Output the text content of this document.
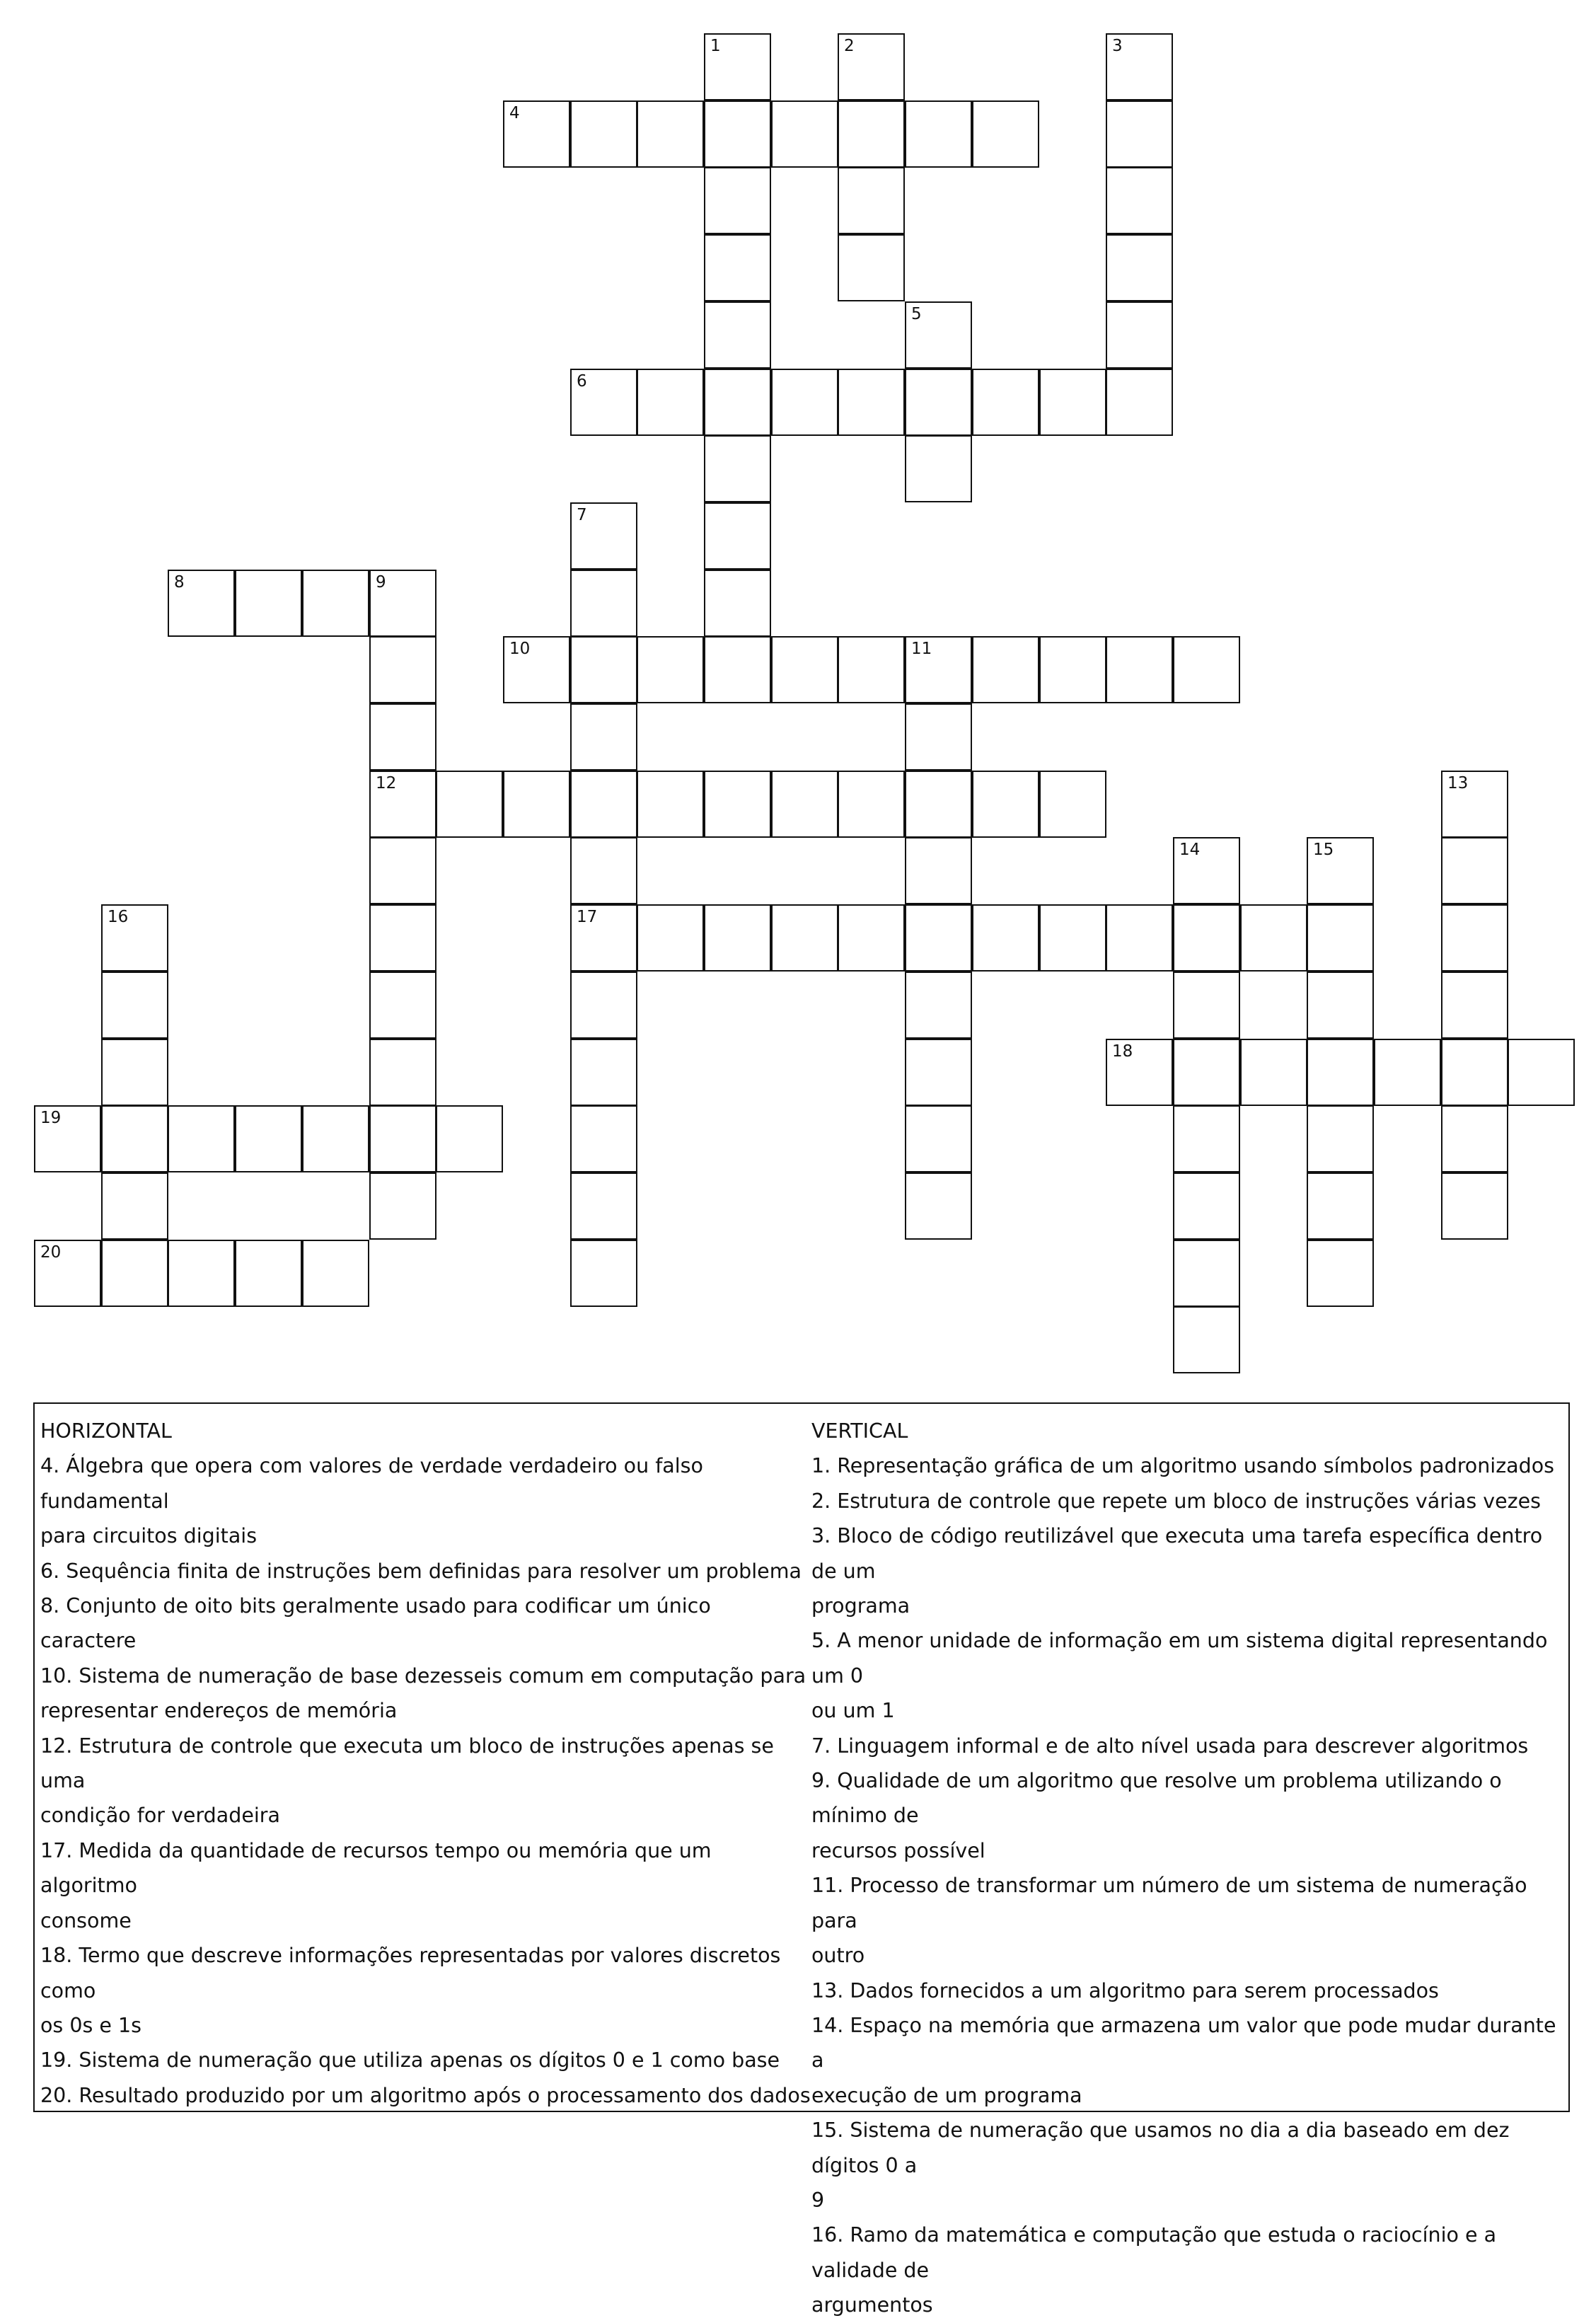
1	2	3
4
5
6
7
8	9
10	11
12	13
14	15
16	17
18
19
20
HORIZONTAL
4. Álgebra que opera com valores de verdade verdadeiro ou falso fundamental
para circuitos digitais
6. Sequência finita de instruções bem definidas para resolver um problema
8. Conjunto de oito bits geralmente usado para codificar um único caractere
10. Sistema de numeração de base dezesseis comum em computação para
representar endereços de memória
12. Estrutura de controle que executa um bloco de instruções apenas se uma
condição for verdadeira
17. Medida da quantidade de recursos tempo ou memória que um algoritmo
consome
18. Termo que descreve informações representadas por valores discretos como
os 0s e 1s
19. Sistema de numeração que utiliza apenas os dígitos 0 e 1 como base
20. Resultado produzido por um algoritmo após o processamento dos dados
VERTICAL
1. Representação gráfica de um algoritmo usando símbolos padronizados
2. Estrutura de controle que repete um bloco de instruções várias vezes
3. Bloco de código reutilizável que executa uma tarefa específica dentro de um
programa
5. A menor unidade de informação em um sistema digital representando um 0
ou um 1
7. Linguagem informal e de alto nível usada para descrever algoritmos
9. Qualidade de um algoritmo que resolve um problema utilizando o mínimo de
recursos possível
11. Processo de transformar um número de um sistema de numeração para
outro
13. Dados fornecidos a um algoritmo para serem processados
14. Espaço na memória que armazena um valor que pode mudar durante a
execução de um programa
15. Sistema de numeração que usamos no dia a dia baseado em dez dígitos 0 a
9
16. Ramo da matemática e computação que estuda o raciocínio e a validade de
argumentos
